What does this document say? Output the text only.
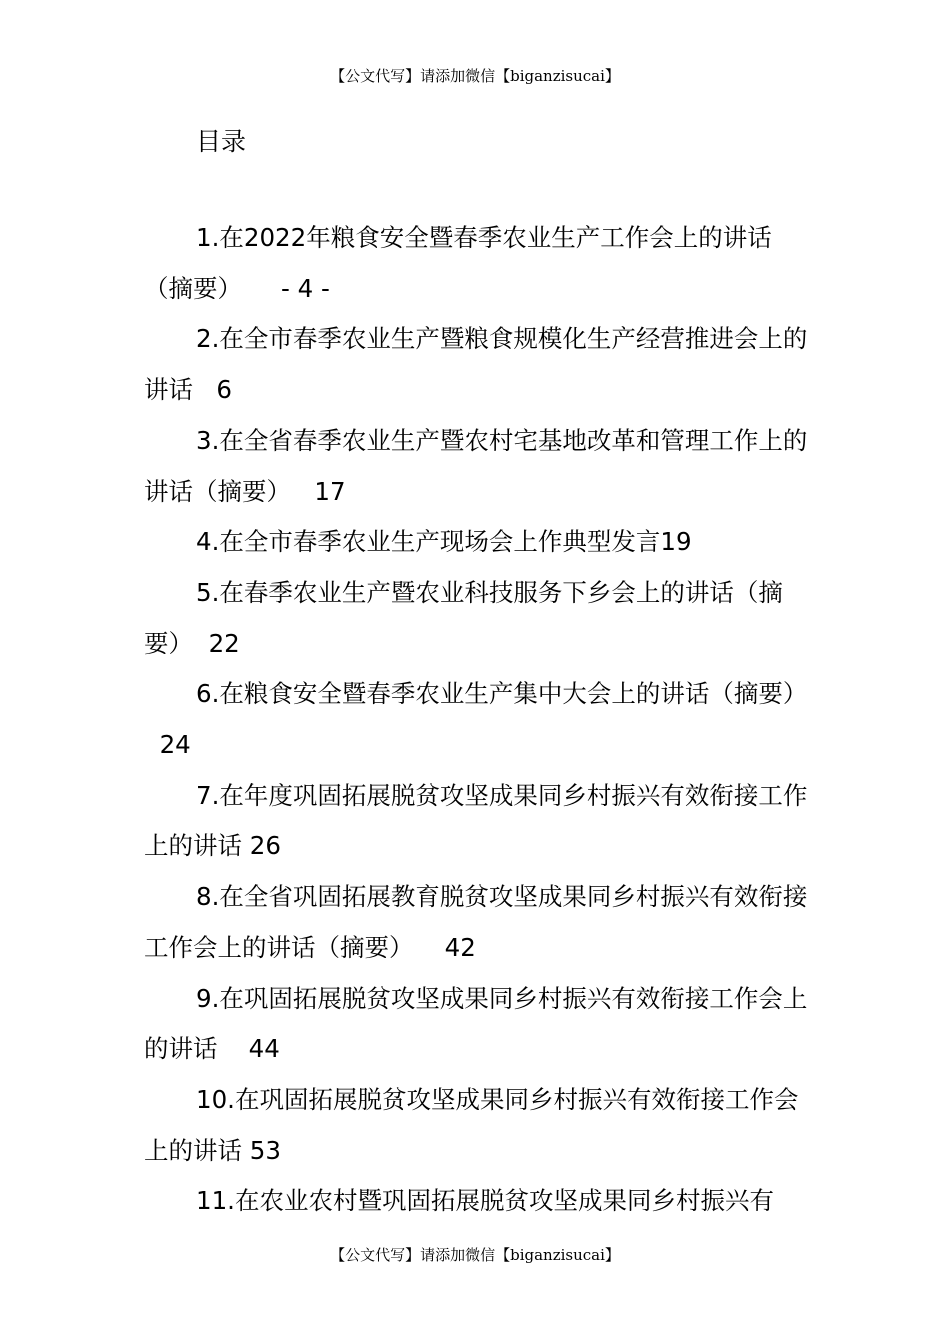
【公文代写】请添加微信【biganzisucai】
目录
1.在2022年粮食安全暨春季农业生产工作会上的讲话（摘要） - 4 -
2.在全市春季农业生产暨粮食规模化生产经营推进会上的讲话 6
3.在全省春季农业生产暨农村宅基地改革和管理工作上的讲话（摘要） 17
4.在全市春季农业生产现场会上作典型发言19
5.在春季农业生产暨农业科技服务下乡会上的讲话（摘要） 22
6.在粮食安全暨春季农业生产集中大会上的讲话（摘要）  24
7.在年度巩固拓展脱贫攻坚成果同乡村振兴有效衔接工作上的讲话 26
8.在全省巩固拓展教育脱贫攻坚成果同乡村振兴有效衔接工作会上的讲话（摘要） 42
9.在巩固拓展脱贫攻坚成果同乡村振兴有效衔接工作会上的讲话 44
10.在巩固拓展脱贫攻坚成果同乡村振兴有效衔接工作会上的讲话 53
11.在农业农村暨巩固拓展脱贫攻坚成果同乡村振兴有
【公文代写】请添加微信【biganzisucai】
